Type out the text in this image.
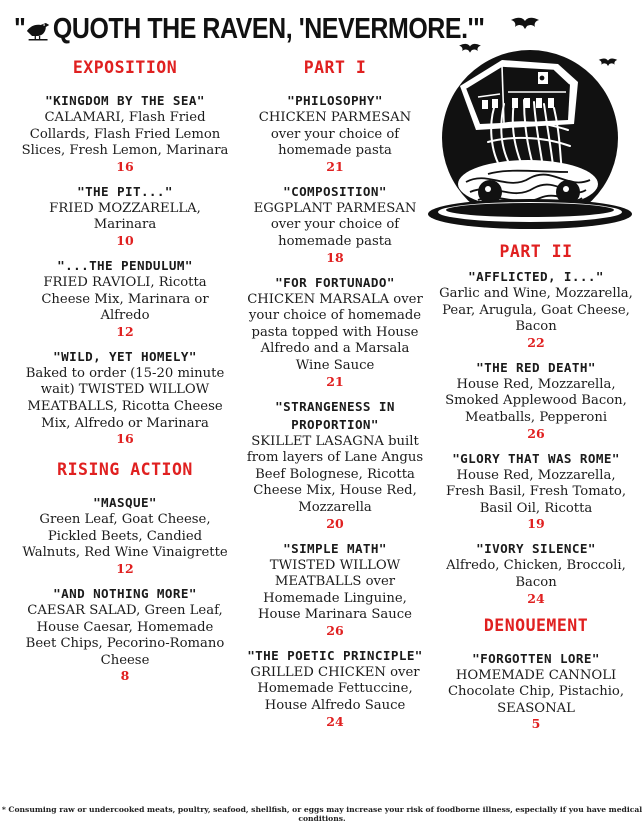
" QUOTH THE RAVEN, 'NEVERMORE.'"
EXPOSITION
"KINGDOM BY THE SEA"
CALAMARI, Flash Fried Collards, Flash Fried Lemon Slices, Fresh Lemon, Marinara
16
"THE PIT..."
FRIED MOZZARELLA, Marinara
10
"...THE PENDULUM"
FRIED RAVIOLI, Ricotta Cheese Mix, Marinara or Alfredo
12
"WILD, YET HOMELY"
Baked to order (15-20 minute wait) TWISTED WILLOW MEATBALLS, Ricotta Cheese Mix, Alfredo or Marinara
16
RISING ACTION
"MASQUE"
Green Leaf, Goat Cheese, Pickled Beets, Candied Walnuts, Red Wine Vinaigrette
12
"AND NOTHING MORE"
CAESAR SALAD, Green Leaf, House Caesar, Homemade Beet Chips, Pecorino-Romano Cheese
8
PART I
"PHILOSOPHY"
CHICKEN PARMESAN over your choice of homemade pasta
21
"COMPOSITION"
EGGPLANT PARMESAN over your choice of homemade pasta
18
"FOR FORTUNADO"
CHICKEN MARSALA over your choice of homemade pasta topped with House Alfredo and a Marsala Wine Sauce
21
"STRANGENESS IN PROPORTION"
SKILLET LASAGNA built from layers of Lane Angus Beef Bolognese, Ricotta Cheese Mix, House Red, Mozzarella
20
"SIMPLE MATH"
TWISTED WILLOW MEATBALLS over Homemade Linguine, House Marinara Sauce
26
"THE POETIC PRINCIPLE"
GRILLED CHICKEN over Homemade Fettuccine, House Alfredo Sauce
24
PART II
"AFFLICTED, I..."
Garlic and Wine, Mozzarella, Pear, Arugula, Goat Cheese, Bacon
22
"THE RED DEATH"
House Red, Mozzarella, Smoked Applewood Bacon, Meatballs, Pepperoni
26
"GLORY THAT WAS ROME"
House Red, Mozzarella, Fresh Basil, Fresh Tomato, Basil Oil, Ricotta
19
"IVORY SILENCE"
Alfredo, Chicken, Broccoli, Bacon
24
DENOUEMENT
"FORGOTTEN LORE"
HOMEMADE CANNOLI Chocolate Chip, Pistachio, SEASONAL
5
* Consuming raw or undercooked meats, poultry, seafood, shellfish, or eggs may increase your risk of foodborne illness, especially if you have medical conditions.
